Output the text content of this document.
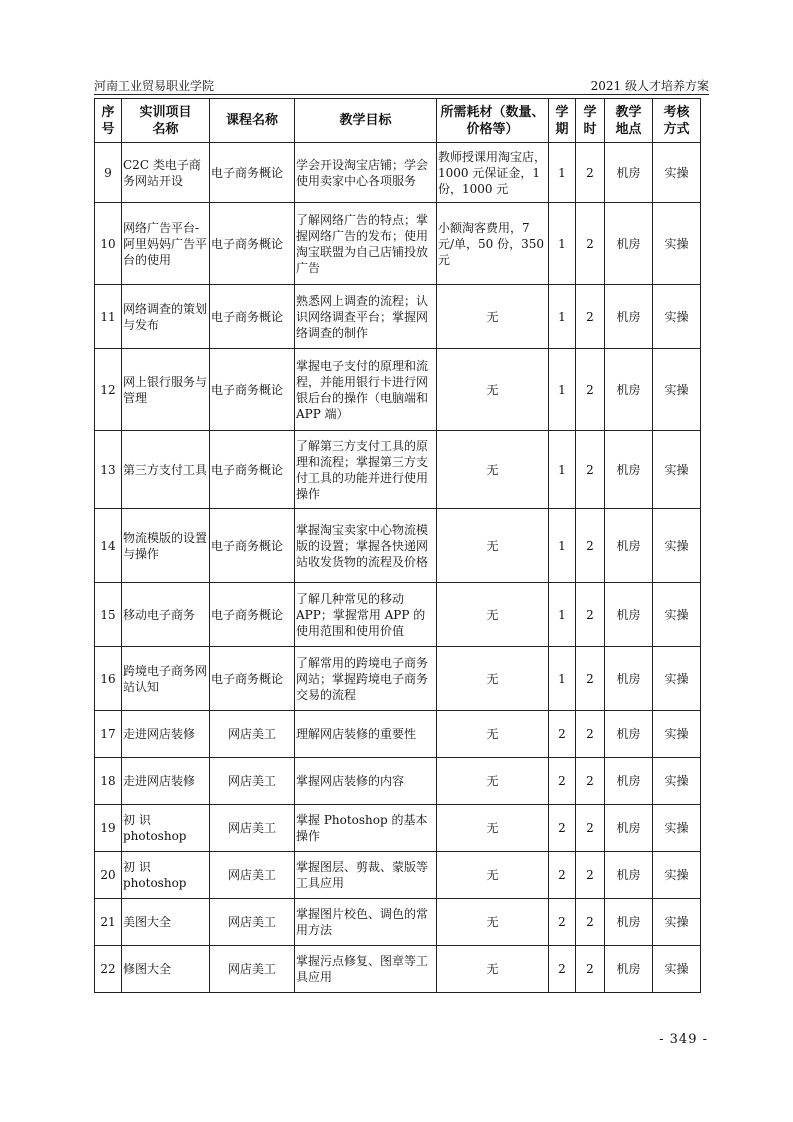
河南工业贸易职业学院	2021 级人才培养方案
序号	实训项目名称	课程名称	教学目标	所需耗材（数量、价格等）	学期	学时	教学地点	考核方式
9	C2C 类电子商务网站开设	电子商务概论	学会开设淘宝店铺；学会使用卖家中心各项服务	教师授课用淘宝店，1000 元保证金，1 份，1000 元	1	2	机房	实操
10	网络广告平台-阿里妈妈广告平台的使用	电子商务概论	了解网络广告的特点；掌握网络广告的发布；使用淘宝联盟为自己店铺投放广告	小额淘客费用，7 元/单，50 份，350 元	1	2	机房	实操
11	网络调查的策划与发布	电子商务概论	熟悉网上调查的流程；认识网络调查平台；掌握网络调查的制作	无	1	2	机房	实操
12	网上银行服务与管理	电子商务概论	掌握电子支付的原理和流程，并能用银行卡进行网银后台的操作（电脑端和 APP 端）	无	1	2	机房	实操
13	第三方支付工具	电子商务概论	了解第三方支付工具的原理和流程；掌握第三方支付工具的功能并进行使用操作	无	1	2	机房	实操
14	物流模版的设置与操作	电子商务概论	掌握淘宝卖家中心物流模版的设置；掌握各快递网站收发货物的流程及价格	无	1	2	机房	实操
15	移动电子商务	电子商务概论	了解几种常见的移动 APP；掌握常用 APP 的使用范围和使用价值	无	1	2	机房	实操
16	跨境电子商务网站认知	电子商务概论	了解常用的跨境电子商务网站；掌握跨境电子商务交易的流程	无	1	2	机房	实操
17	走进网店装修	网店美工	理解网店装修的重要性	无	2	2	机房	实操
18	走进网店装修	网店美工	掌握网店装修的内容	无	2	2	机房	实操
19	初 识 photoshop	网店美工	掌握 Photoshop 的基本操作	无	2	2	机房	实操
20	初 识 photoshop	网店美工	掌握图层、剪裁、蒙版等工具应用	无	2	2	机房	实操
21	美图大全	网店美工	掌握图片校色、调色的常用方法	无	2	2	机房	实操
22	修图大全	网店美工	掌握污点修复、图章等工具应用	无	2	2	机房	实操
- 349 -
